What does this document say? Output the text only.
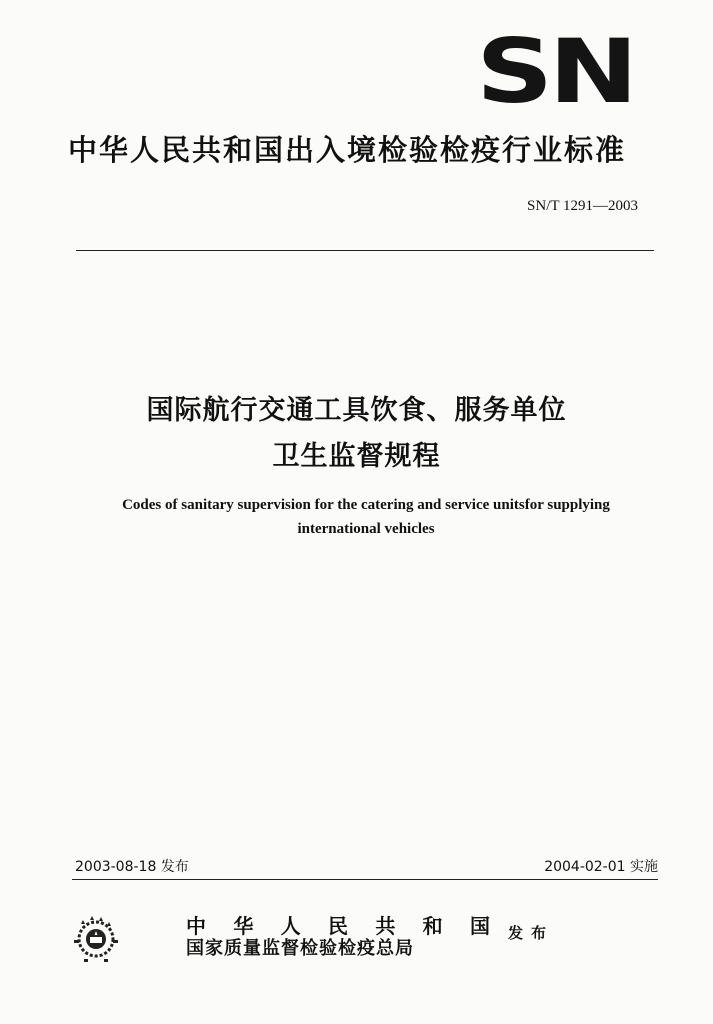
SN
中华人民共和国出入境检验检疫行业标准
SN/T 1291—2003
国际航行交通工具饮食、服务单位
卫生监督规程
Codes of sanitary supervision for the catering and service unitsfor supplying
international vehicles
2003-08-18 发布	2004-02-01 实施
中 华 人 民 共 和 国
国家质量监督检验检疫总局
发布
